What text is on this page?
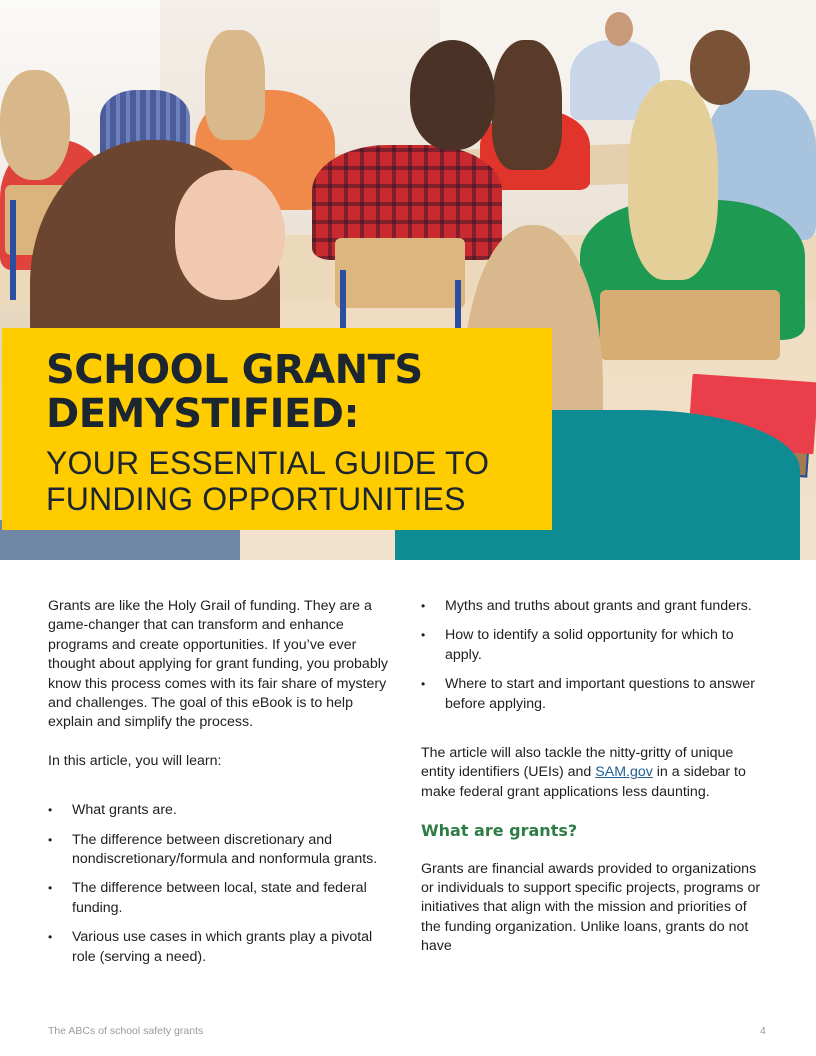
SCHOOL GRANTS
DEMYSTIFIED:
YOUR ESSENTIAL GUIDE TO
FUNDING OPPORTUNITIES

Grants are like the Holy Grail of funding. They are a game-changer that can transform and enhance programs and create opportunities. If you’ve ever thought about applying for grant funding, you probably know this process comes with its fair share of mystery and challenges. The goal of this eBook is to help explain and simplify the process.

In this article, you will learn:

• What grants are.
• The difference between discretionary and nondiscretionary/formula and nonformula grants.
• The difference between local, state and federal funding.
• Various use cases in which grants play a pivotal role (serving a need).
• Myths and truths about grants and grant funders.
• How to identify a solid opportunity for which to apply.
• Where to start and important questions to answer before applying.

The article will also tackle the nitty-gritty of unique entity identifiers (UEIs) and SAM.gov in a sidebar to make federal grant applications less daunting.

What are grants?

Grants are financial awards provided to organizations or individuals to support specific projects, programs or initiatives that align with the mission and priorities of the funding organization. Unlike loans, grants do not have

The ABCs of school safety grants	4
